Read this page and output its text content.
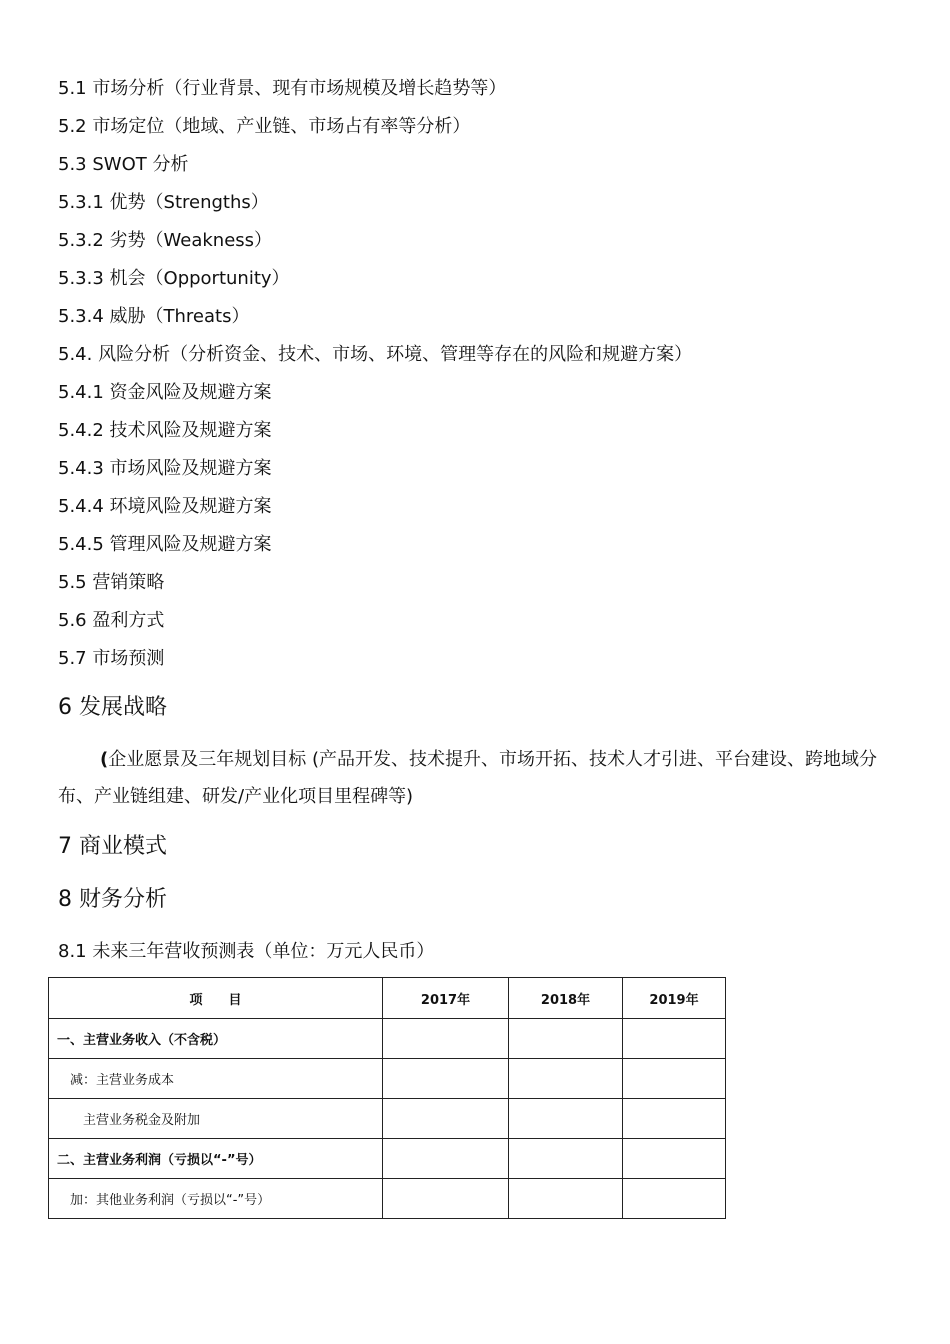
5.1 市场分析（行业背景、现有市场规模及增长趋势等）
5.2 市场定位（地域、产业链、市场占有率等分析）
5.3 SWOT 分析
5.3.1 优势（Strengths）
5.3.2 劣势（Weakness）
5.3.3 机会（Opportunity）
5.3.4 威胁（Threats）
5.4. 风险分析（分析资金、技术、市场、环境、管理等存在的风险和规避方案）
5.4.1 资金风险及规避方案
5.4.2 技术风险及规避方案
5.4.3 市场风险及规避方案
5.4.4 环境风险及规避方案
5.4.5 管理风险及规避方案
5.5 营销策略
5.6 盈利方式
5.7 市场预测
6 发展战略
(企业愿景及三年规划目标 (产品开发、技术提升、市场开拓、技术人才引进、平台建设、跨地域分布、产业链组建、研发/产业化项目里程碑等)
7 商业模式
8 财务分析
8.1 未来三年营收预测表（单位：万元人民币）
项　　目	2017年	2018年	2019年
一、主营业务收入（不含税）			
　减：主营业务成本			
　　主营业务税金及附加			
二、主营业务利润（亏损以“-”号）			
　加：其他业务利润（亏损以“-”号）			
